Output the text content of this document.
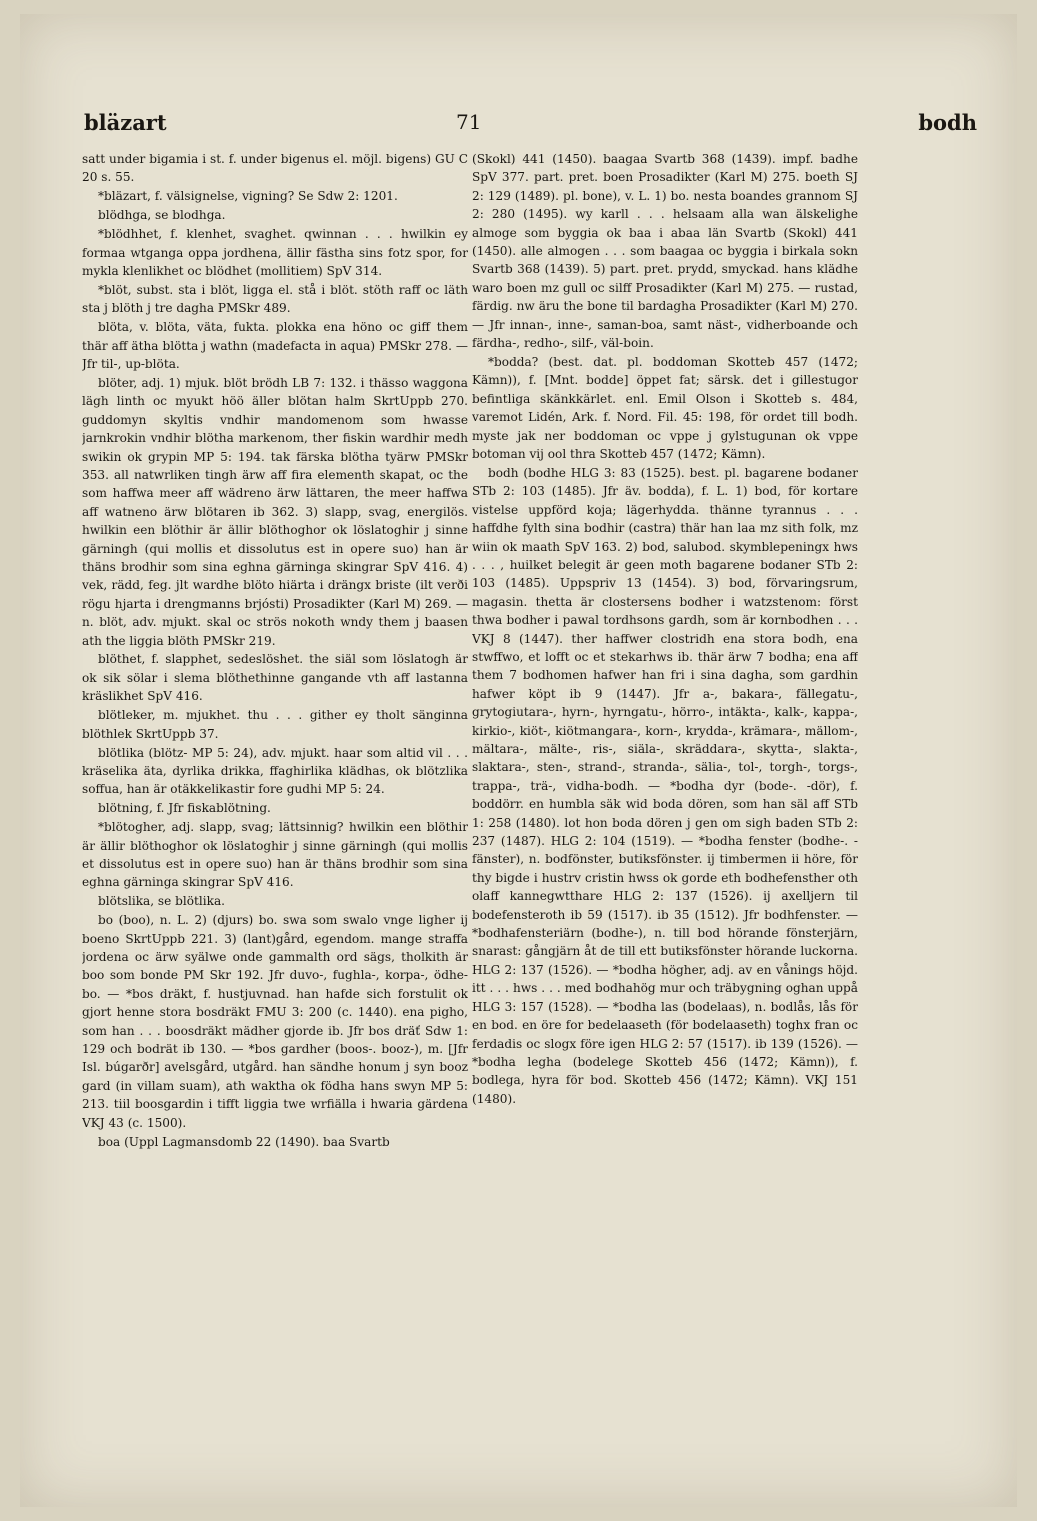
bläzart	71	bodh

satt under bigamia i st. f. under bigenus el. möjl. bigens) GU C 20 s. 55.

*bläzart, f. välsignelse, vigning? Se Sdw 2: 1201.

blödhga, se blodhga.

*blödhhet, f. klenhet, svaghet. qwinnan . . . hwilkin ey formaa wtganga oppa jordhena, ällir fästha sins fotz spor, for mykla klenlikhet oc blödhet (mollitiem) SpV 314.

*blöt, subst. sta i blöt, ligga el. stå i blöt. stöth raff oc läth sta j blöth j tre dagha PMSkr 489.

blöta, v. blöta, väta, fukta. plokka ena höno oc giff them thär aff ätha blötta j wathn (madefacta in aqua) PMSkr 278. — Jfr til-, up-blöta.

blöter, adj. 1) mjuk. blöt brödh LB 7: 132. i thässo waggona lägh linth oc myukt höö äller blötan halm SkrtUppb 270. guddomyn skyltis vndhir mandomenom som hwasse jarnkrokin vndhir blötha markenom, ther fiskin wardhir medh swikin ok grypin MP 5: 194. tak färska blötha tyärw PMSkr 353. all natwrliken tingh ärw aff fira elementh skapat, oc the som haffwa meer aff wädreno ärw lättaren, the meer haffwa aff watneno ärw blötaren ib 362. 3) slapp, svag, energilös. hwilkin een blöthir är ällir blöthoghor ok löslatoghir j sinne gärningh (qui mollis et dissolutus est in opere suo) han är thäns brodhir som sina eghna gärninga skingrar SpV 416. 4) vek, rädd, feg. jlt wardhe blöto hiärta i drängx briste (ilt verði rögu hjarta i drengmanns brjósti) Prosadikter (Karl M) 269. — n. blöt, adv. mjukt. skal oc strös nokoth wndy them j baasen ath the liggia blöth PMSkr 219.

blöthet, f. slapphet, sedeslöshet. the siäl som löslatogh är ok sik sölar i slema blöthethinne gangande vth aff lastanna kräslikhet SpV 416.

blötleker, m. mjukhet. thu . . . gither ey tholt sänginna blöthlek SkrtUppb 37.

blötlika (blötz- MP 5: 24), adv. mjukt. haar som altid vil . . . kräselika äta, dyrlika drikka, ffaghirlika klädhas, ok blötzlika soffua, han är otäkkelikastir fore gudhi MP 5: 24.

blötning, f. Jfr fiskablötning.

*blötogher, adj. slapp, svag; lättsinnig? hwilkin een blöthir är ällir blöthoghor ok löslatoghir j sinne gärningh (qui mollis et dissolutus est in opere suo) han är thäns brodhir som sina eghna gärninga skingrar SpV 416.

blötslika, se blötlika.

bo (boo), n. L. 2) (djurs) bo. swa som swalo vnge ligher ij boeno SkrtUppb 221. 3) (lant)gård, egendom. mange straffa jordena oc ärw syälwe onde gammalth ord sägs, tholkith är boo som bonde PM Skr 192. Jfr duvo-, fughla-, korpa-, ödhe-bo. — *bos dräkt, f. hustjuvnad. han hafde sich forstulit ok gjort henne stora bosdräkt FMU 3: 200 (c. 1440). ena pigho, som han . . . boosdräkt mädher gjorde ib. Jfr bos dräť Sdw 1: 129 och bodrät ib 130. — *bos gardher (boos-. booz-), m. [Jfr Isl. búgarðr] avelsgård, utgård. han sändhe honum j syn booz gard (in villam suam), ath waktha ok födha hans swyn MP 5: 213. tiil boosgardin i tifft liggia twe wrfiälla i hwaria gärdena VKJ 43 (c. 1500).

boa (Uppl Lagmansdomb 22 (1490). baa Svartb

(Skokl) 441 (1450). baagaa Svartb 368 (1439). impf. badhe SpV 377. part. pret. boen Prosadikter (Karl M) 275. boeth SJ 2: 129 (1489). pl. bone), v. L. 1) bo. nesta boandes grannom SJ 2: 280 (1495). wy karll . . . helsaam alla wan älskelighe almoge som byggia ok baa i abaa län Svartb (Skokl) 441 (1450). alle almogen . . . som baagaa oc byggia i birkala sokn Svartb 368 (1439). 5) part. pret. prydd, smyckad. hans klädhe waro boen mz gull oc silff Prosadikter (Karl M) 275. — rustad, färdig. nw äru the bone til bardagha Prosadikter (Karl M) 270. — Jfr innan-, inne-, saman-boa, samt näst-, vidherboande och färdha-, redho-, silf-, väl-boin.

*bodda? (best. dat. pl. boddoman Skotteb 457 (1472; Kämn)), f. [Mnt. bodde] öppet fat; särsk. det i gillestugor befintliga skänkkärlet. enl. Emil Olson i Skotteb s. 484, varemot Lidén, Ark. f. Nord. Fil. 45: 198, för ordet till bodh. myste jak ner boddoman oc vppe j gylstugunan ok vppe botoman vij ool thra Skotteb 457 (1472; Kämn).

bodh (bodhe HLG 3: 83 (1525). best. pl. bagarene bodaner STb 2: 103 (1485). Jfr äv. bodda), f. L. 1) bod, för kortare vistelse uppförd koja; lägerhydda. thänne tyrannus . . . haffdhe fylth sina bodhir (castra) thär han laa mz sith folk, mz wiin ok maath SpV 163. 2) bod, salubod. skymblepeningx hws . . . , huilket belegit är geen moth bagarene bodaner STb 2: 103 (1485). Uppspriv 13 (1454). 3) bod, förvaringsrum, magasin. thetta är clostersens bodher i watzstenom: först thwa bodher i pawal tordhsons gardh, som är kornbodhen . . . VKJ 8 (1447). ther haffwer clostridh ena stora bodh, ena stwffwo, et lofft oc et stekarhws ib. thär ärw 7 bodha; ena aff them 7 bodhomen hafwer han fri i sina dagha, som gardhin hafwer köpt ib 9 (1447). Jfr a-, bakara-, fällegatu-, grytogiutara-, hyrn-, hyrngatu-, hörro-, intäkta-, kalk-, kappa-, kirkio-, kiöt-, kiötmangara-, korn-, krydda-, krämara-, mällom-, mältara-, mälte-, ris-, siäla-, skräddara-, skytta-, slakta-, slaktara-, sten-, strand-, stranda-, sälia-, tol-, torgh-, torgs-, trappa-, trä-, vidha-bodh. — *bodha dyr (bode-. -dör), f. boddörr. en humbla säk wid boda dören, som han säl aff STb 1: 258 (1480). lot hon boda dören j gen om sigh baden STb 2: 237 (1487). HLG 2: 104 (1519). — *bodha fenster (bodhe-. -fänster), n. bodfönster, butiksfönster. ij timbermen ii höre, för thy bigde i hustrv cristin hwss ok gorde eth bodhefensther oth olaff kannegwtthare HLG 2: 137 (1526). ij axelljern til bodefensteroth ib 59 (1517). ib 35 (1512). Jfr bodhfenster. — *bodhafensteriärn (bodhe-), n. till bod hörande fönsterjärn, snarast: gångjärn åt de till ett butiksfönster hörande luckorna. HLG 2: 137 (1526). — *bodha högher, adj. av en vånings höjd. itt . . . hws . . . med bodhahög mur och träbygning oghan uppå HLG 3: 157 (1528). — *bodha las (bodelaas), n. bodlås, lås för en bod. en öre for bedelaaseth (för bodelaaseth) toghx fran oc ferdadis oc slogx före igen HLG 2: 57 (1517). ib 139 (1526). — *bodha legha (bodelege Skotteb 456 (1472; Kämn)), f. bodlega, hyra för bod. Skotteb 456 (1472; Kämn). VKJ 151 (1480).
